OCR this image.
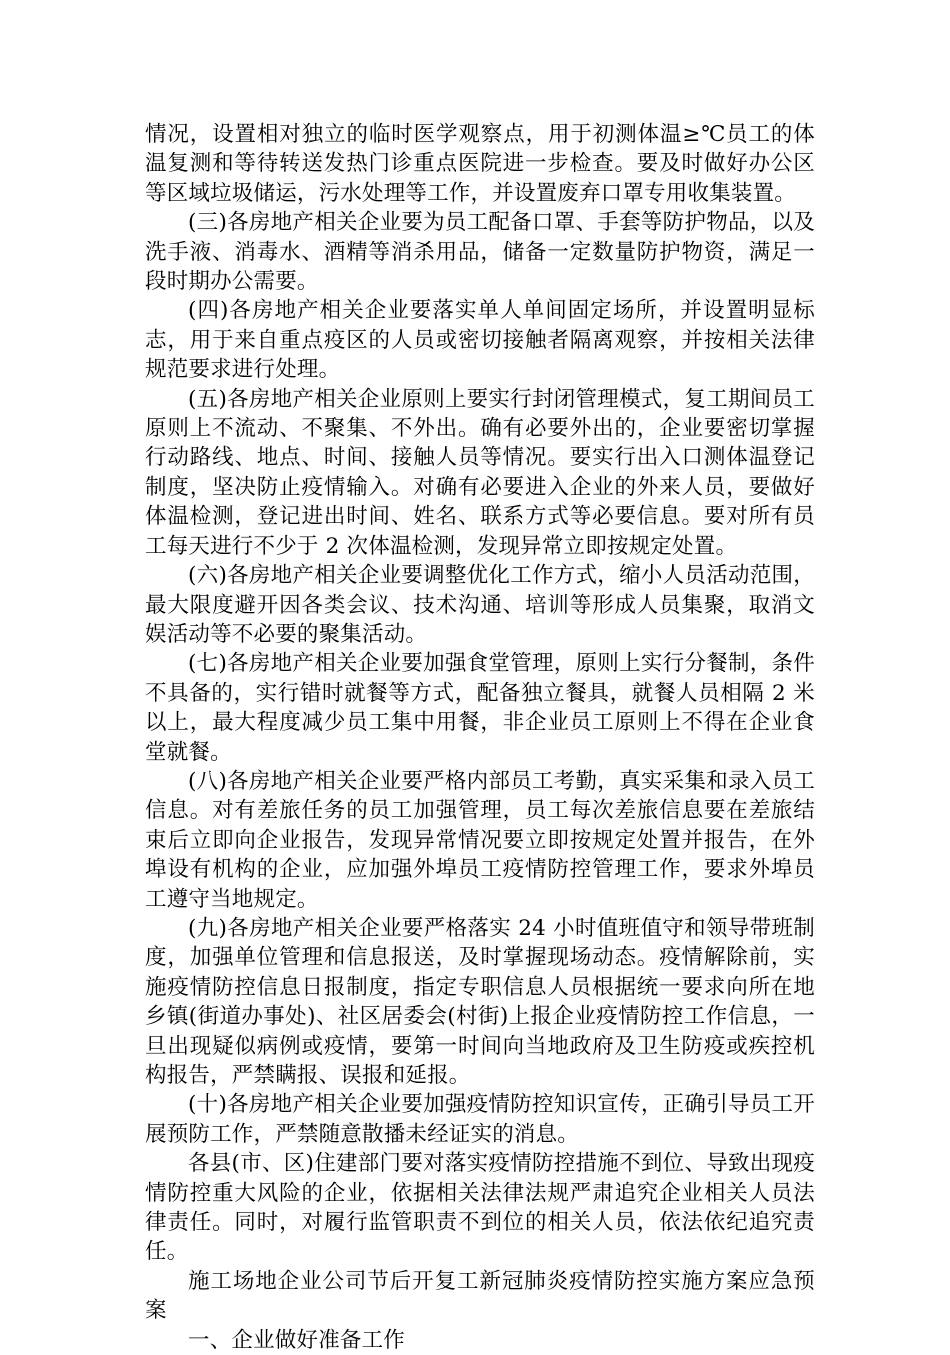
情况，设置相对独立的临时医学观察点，用于初测体温≥℃员工的体温复测和等待转送发热门诊重点医院进一步检查。要及时做好办公区等区域垃圾储运，污水处理等工作，并设置废弃口罩专用收集装置。

(三)各房地产相关企业要为员工配备口罩、手套等防护物品，以及洗手液、消毒水、酒精等消杀用品，储备一定数量防护物资，满足一段时期办公需要。

(四)各房地产相关企业要落实单人单间固定场所，并设置明显标志，用于来自重点疫区的人员或密切接触者隔离观察，并按相关法律规范要求进行处理。

(五)各房地产相关企业原则上要实行封闭管理模式，复工期间员工原则上不流动、不聚集、不外出。确有必要外出的，企业要密切掌握行动路线、地点、时间、接触人员等情况。要实行出入口测体温登记制度，坚决防止疫情输入。对确有必要进入企业的外来人员，要做好体温检测，登记进出时间、姓名、联系方式等必要信息。要对所有员工每天进行不少于 2 次体温检测，发现异常立即按规定处置。

(六)各房地产相关企业要调整优化工作方式，缩小人员活动范围，最大限度避开因各类会议、技术沟通、培训等形成人员集聚，取消文娱活动等不必要的聚集活动。

(七)各房地产相关企业要加强食堂管理，原则上实行分餐制，条件不具备的，实行错时就餐等方式，配备独立餐具，就餐人员相隔 2 米以上，最大程度减少员工集中用餐，非企业员工原则上不得在企业食堂就餐。

(八)各房地产相关企业要严格内部员工考勤，真实采集和录入员工信息。对有差旅任务的员工加强管理，员工每次差旅信息要在差旅结束后立即向企业报告，发现异常情况要立即按规定处置并报告，在外埠设有机构的企业，应加强外埠员工疫情防控管理工作，要求外埠员工遵守当地规定。

(九)各房地产相关企业要严格落实 24 小时值班值守和领导带班制度，加强单位管理和信息报送，及时掌握现场动态。疫情解除前，实施疫情防控信息日报制度，指定专职信息人员根据统一要求向所在地乡镇(街道办事处)、社区居委会(村街)上报企业疫情防控工作信息，一旦出现疑似病例或疫情，要第一时间向当地政府及卫生防疫或疾控机构报告，严禁瞒报、误报和延报。

(十)各房地产相关企业要加强疫情防控知识宣传，正确引导员工开展预防工作，严禁随意散播未经证实的消息。

各县(市、区)住建部门要对落实疫情防控措施不到位、导致出现疫情防控重大风险的企业，依据相关法律法规严肃追究企业相关人员法律责任。同时，对履行监管职责不到位的相关人员，依法依纪追究责任。

施工场地企业公司节后开复工新冠肺炎疫情防控实施方案应急预案

一、企业做好准备工作
